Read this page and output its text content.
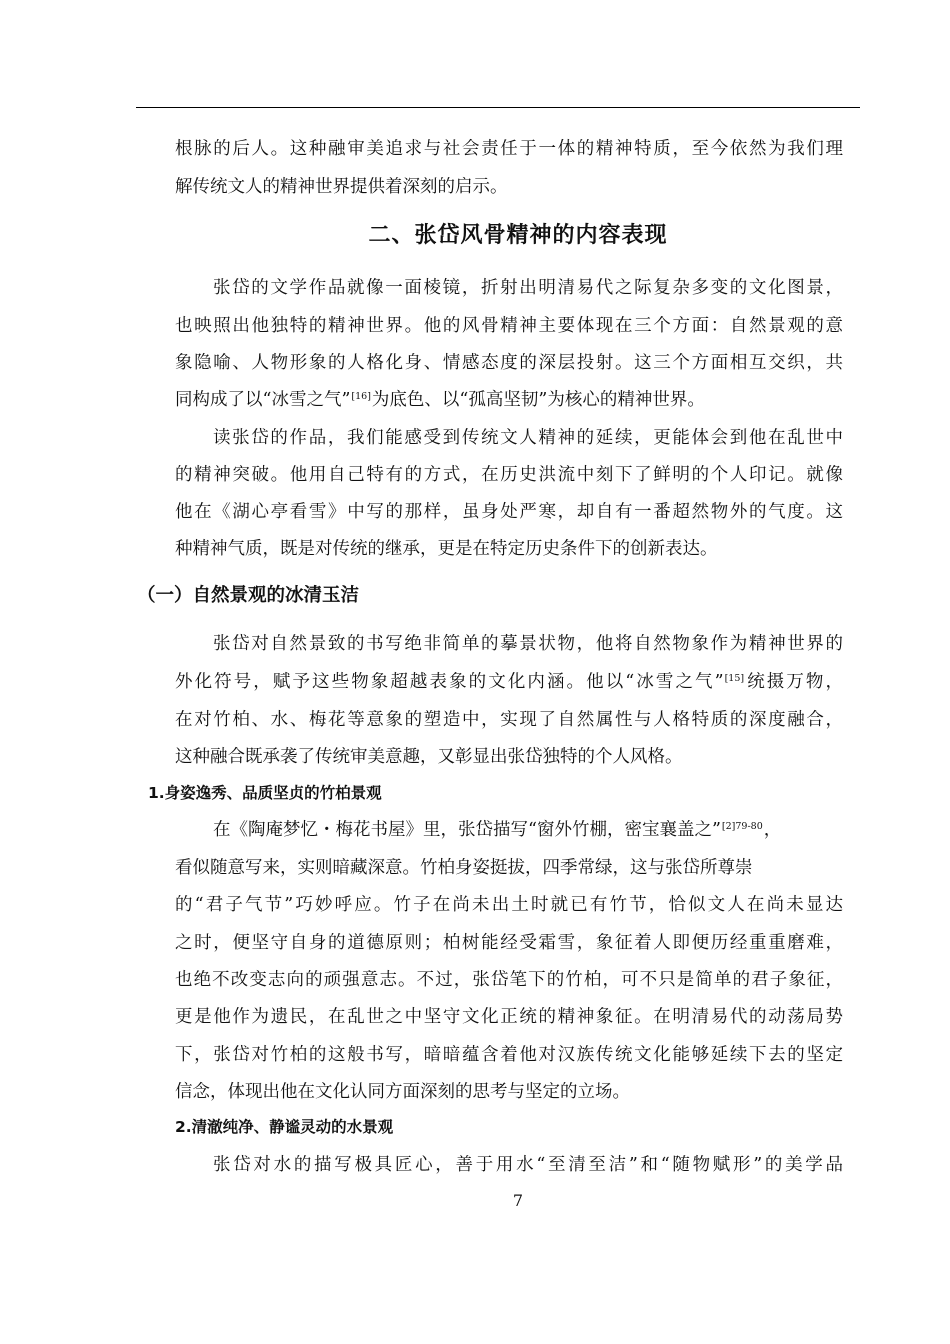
根脉的后人。这种融审美追求与社会责任于一体的精神特质，至今依然为我们理
解传统文人的精神世界提供着深刻的启示。
二、张岱风骨精神的内容表现
张岱的文学作品就像一面棱镜，折射出明清易代之际复杂多变的文化图景，
也映照出他独特的精神世界。他的风骨精神主要体现在三个方面：自然景观的意
象隐喻、人物形象的人格化身、情感态度的深层投射。这三个方面相互交织，共
同构成了以“冰雪之气”[16]为底色、以“孤高坚韧”为核心的精神世界。
读张岱的作品，我们能感受到传统文人精神的延续，更能体会到他在乱世中
的精神突破。他用自己特有的方式，在历史洪流中刻下了鲜明的个人印记。就像
他在《湖心亭看雪》中写的那样，虽身处严寒，却自有一番超然物外的气度。这
种精神气质，既是对传统的继承，更是在特定历史条件下的创新表达。
（一）自然景观的冰清玉洁
张岱对自然景致的书写绝非简单的摹景状物，他将自然物象作为精神世界的
外化符号，赋予这些物象超越表象的文化内涵。他以“冰雪之气”[15]统摄万物，
在对竹柏、水、梅花等意象的塑造中，实现了自然属性与人格特质的深度融合，
这种融合既承袭了传统审美意趣，又彰显出张岱独特的个人风格。
1.身姿逸秀、品质坚贞的竹柏景观
在《陶庵梦忆・梅花书屋》里，张岱描写“窗外竹棚，密宝襄盖之”$^{[2]79-80}$，
看似随意写来，实则暗藏深意。竹柏身姿挺拔，四季常绿，这与张岱所尊崇
的“君子气节”巧妙呼应。竹子在尚未出土时就已有竹节，恰似文人在尚未显达
之时，便坚守自身的道德原则；柏树能经受霜雪，象征着人即便历经重重磨难，
也绝不改变志向的顽强意志。不过，张岱笔下的竹柏，可不只是简单的君子象征，
更是他作为遗民，在乱世之中坚守文化正统的精神象征。在明清易代的动荡局势
下，张岱对竹柏的这般书写，暗暗蕴含着他对汉族传统文化能够延续下去的坚定
信念，体现出他在文化认同方面深刻的思考与坚定的立场。
2.清澈纯净、静谧灵动的水景观
张岱对水的描写极具匠心，善于用水“至清至洁”和“随物赋形”的美学品
7
